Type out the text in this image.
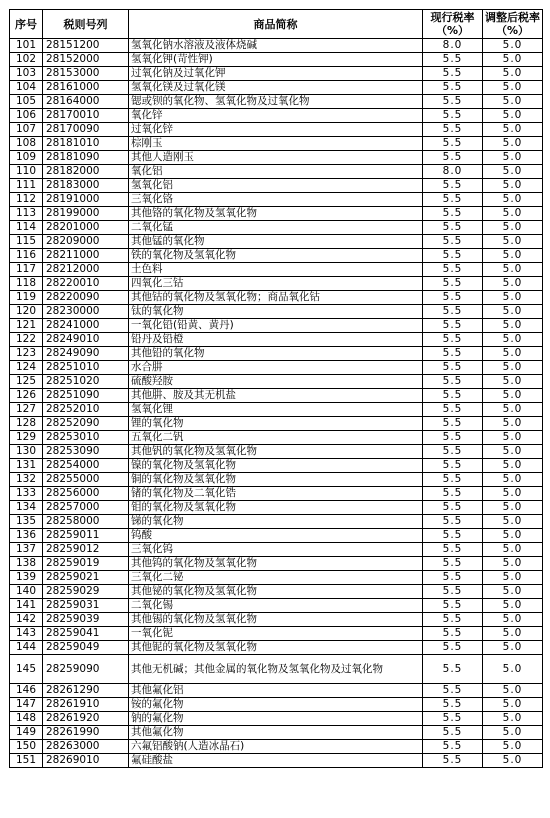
序号	税则号列	商品简称	现行税率（%）	调整后税率（%）
101	28151200	氢氧化钠水溶液及液体烧碱	8.0	5.0
102	28152000	氢氧化钾(苛性钾)	5.5	5.0
103	28153000	过氧化钠及过氧化钾	5.5	5.0
104	28161000	氢氧化镁及过氧化镁	5.5	5.0
105	28164000	锶或钡的氧化物、氢氧化物及过氧化物	5.5	5.0
106	28170010	氧化锌	5.5	5.0
107	28170090	过氧化锌	5.5	5.0
108	28181010	棕刚玉	5.5	5.0
109	28181090	其他人造刚玉	5.5	5.0
110	28182000	氧化铝	8.0	5.0
111	28183000	氢氧化铝	5.5	5.0
112	28191000	三氧化铬	5.5	5.0
113	28199000	其他铬的氧化物及氢氧化物	5.5	5.0
114	28201000	二氧化锰	5.5	5.0
115	28209000	其他锰的氧化物	5.5	5.0
116	28211000	铁的氧化物及氢氧化物	5.5	5.0
117	28212000	土色料	5.5	5.0
118	28220010	四氧化三钴	5.5	5.0
119	28220090	其他钴的氧化物及氢氧化物；商品氧化钴	5.5	5.0
120	28230000	钛的氧化物	5.5	5.0
121	28241000	一氧化铅(铅黄、黄丹)	5.5	5.0
122	28249010	铅丹及铅橙	5.5	5.0
123	28249090	其他铅的氧化物	5.5	5.0
124	28251010	水合肼	5.5	5.0
125	28251020	硫酸羟胺	5.5	5.0
126	28251090	其他肼、胺及其无机盐	5.5	5.0
127	28252010	氢氧化锂	5.5	5.0
128	28252090	锂的氧化物	5.5	5.0
129	28253010	五氧化二钒	5.5	5.0
130	28253090	其他钒的氧化物及氢氧化物	5.5	5.0
131	28254000	镍的氧化物及氢氧化物	5.5	5.0
132	28255000	铜的氧化物及氢氧化物	5.5	5.0
133	28256000	锗的氧化物及二氧化锆	5.5	5.0
134	28257000	钼的氧化物及氢氧化物	5.5	5.0
135	28258000	锑的氧化物	5.5	5.0
136	28259011	钨酸	5.5	5.0
137	28259012	三氧化钨	5.5	5.0
138	28259019	其他钨的氧化物及氢氧化物	5.5	5.0
139	28259021	三氧化二铋	5.5	5.0
140	28259029	其他铋的氧化物及氢氧化物	5.5	5.0
141	28259031	二氧化锡	5.5	5.0
142	28259039	其他锡的氧化物及氢氧化物	5.5	5.0
143	28259041	一氧化铌	5.5	5.0
144	28259049	其他铌的氧化物及氢氧化物	5.5	5.0
145	28259090	其他无机碱；其他金属的氧化物及氢氧化物及过氧化物	5.5	5.0
146	28261290	其他氟化铝	5.5	5.0
147	28261910	铵的氟化物	5.5	5.0
148	28261920	钠的氟化物	5.5	5.0
149	28261990	其他氟化物	5.5	5.0
150	28263000	六氟铝酸钠(人造冰晶石)	5.5	5.0
151	28269010	氟硅酸盐	5.5	5.0
